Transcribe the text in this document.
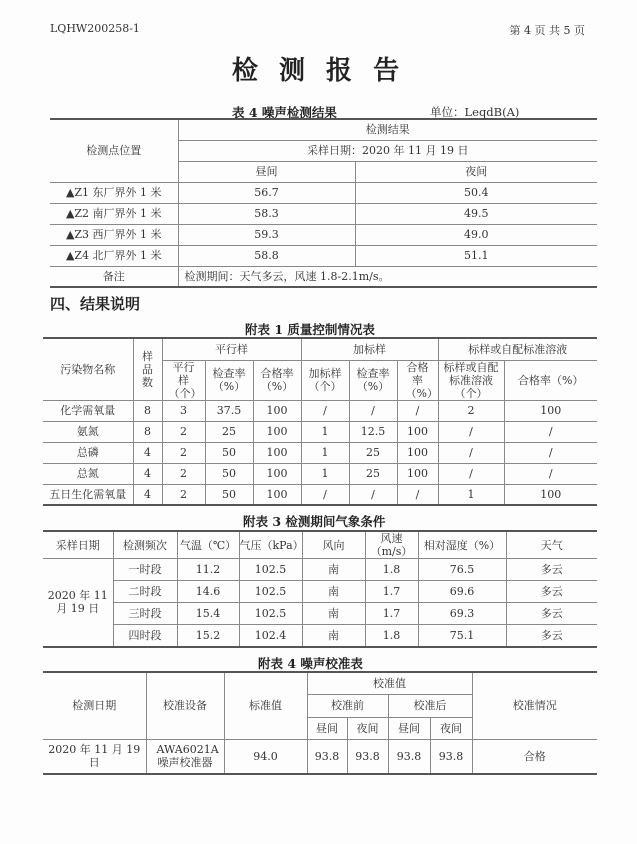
LQHW200258-1	第 4 页 共 5 页
检 测 报 告
表 4 噪声检测结果	单位：LeqdB(A)
检测点位置	检测结果	
	采样日期：2020 年 11 月 19 日	
	昼间	夜间
▲Z1 东厂界外 1 米	56.7	50.4
▲Z2 南厂界外 1 米	58.3	49.5
▲Z3 西厂界外 1 米	59.3	49.0
▲Z4 北厂界外 1 米	58.8	51.1
备注	检测期间：天气多云，风速 1.8-2.1m/s。	
四、结果说明
附表 1 质量控制情况表
污染物名称	样品数	平行样			加标样			标样或自配标准溶液	
		平行样（个）	检查率（%）	合格率（%）	加标样（个）	检查率（%）	合格率（%）	标样或自配标准溶液（个）	合格率（%）
化学需氧量	8	3	37.5	100	/	/	/	2	100
氨氮	8	2	25	100	1	12.5	100	/	/
总磷	4	2	50	100	1	25	100	/	/
总氮	4	2	50	100	1	25	100	/	/
五日生化需氧量	4	2	50	100	/	/	/	1	100
附表 3 检测期间气象条件
采样日期	检测频次	气温（℃）	气压（kPa）	风向	风速（m/s）	相对湿度（%）	天气
2020 年 11 月 19 日	一时段	11.2	102.5	南	1.8	76.5	多云
	二时段	14.6	102.5	南	1.7	69.6	多云
	三时段	15.4	102.5	南	1.7	69.3	多云
	四时段	15.2	102.4	南	1.8	75.1	多云
附表 4 噪声校准表
检测日期	校准设备	标准值	校准值				校准情况
			校准前		校准后		
			昼间	夜间	昼间	夜间	
2020 年 11 月 19 日	AWA6021A 噪声校准器	94.0	93.8	93.8	93.8	93.8	合格
